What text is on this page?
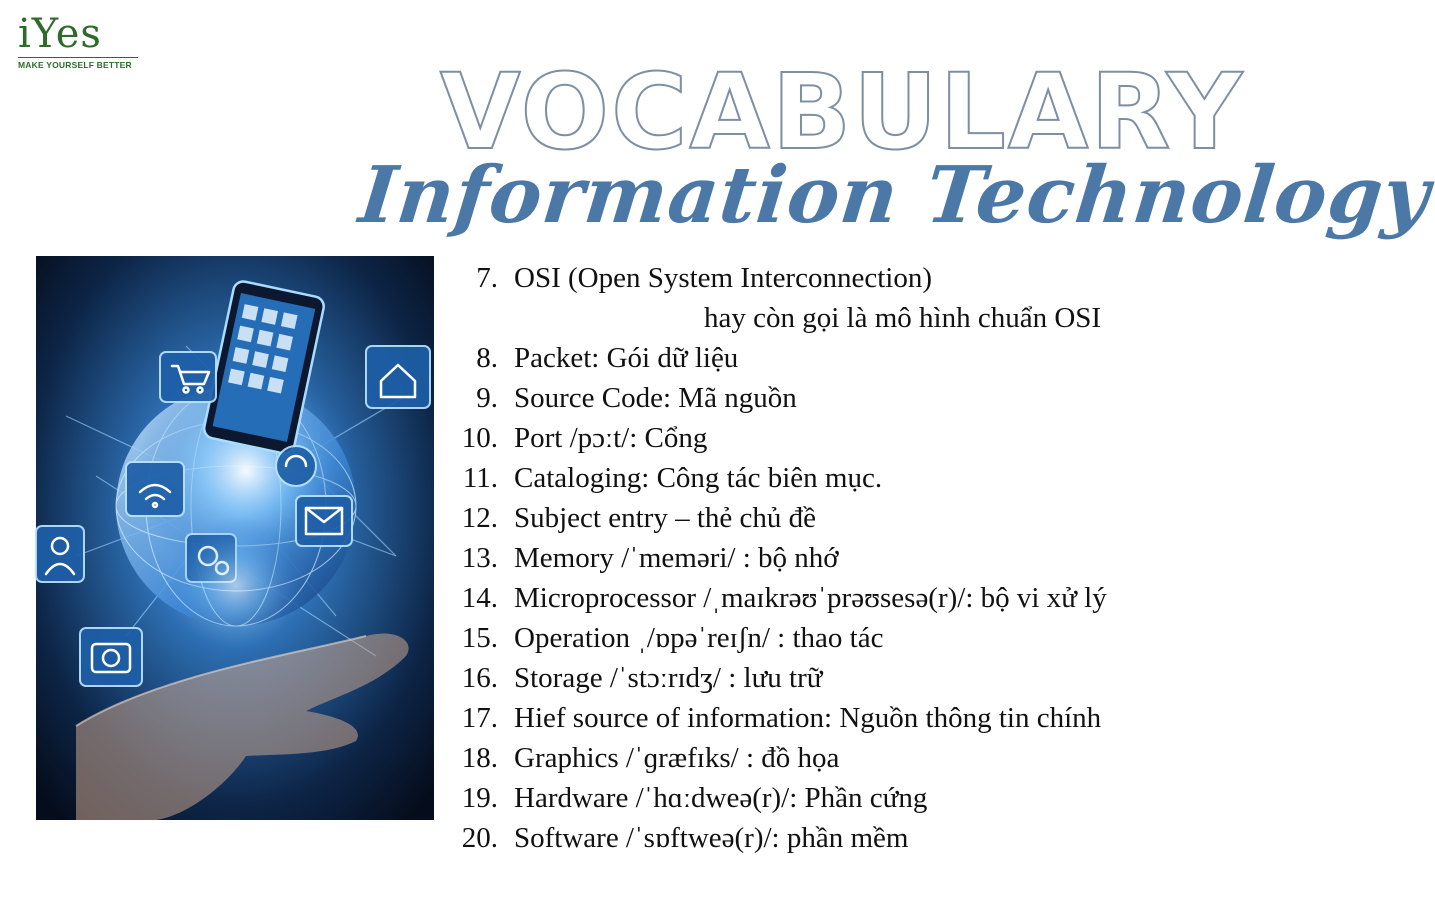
iYes
MAKE YOURSELF BETTER	VOCABULARY
Information Technology
7. OSI (Open System Interconnection)
hay còn gọi là mô hình chuẩn OSI
8. Packet: Gói dữ liệu
9. Source Code: Mã nguồn
10. Port /pɔːt/: Cổng
11. Cataloging: Công tác biên mục.
12. Subject entry – thẻ chủ đề
13. Memory /ˈmeməri/ : bộ nhớ
14. Microprocessor /ˌmaɪkrəʊˈprəʊsesə(r)/: bộ vi xử lý
15. Operation ˌ/ɒpəˈreɪʃn/ : thao tác
16. Storage /ˈstɔːrɪdʒ/ : lưu trữ
17. Hief source of information: Nguồn thông tin chính
18. Graphics /ˈɡræfɪks/ : đồ họa
19. Hardware /ˈhɑːdweə(r)/: Phần cứng
20. Software /ˈsɒftweə(r)/: phần mềm
